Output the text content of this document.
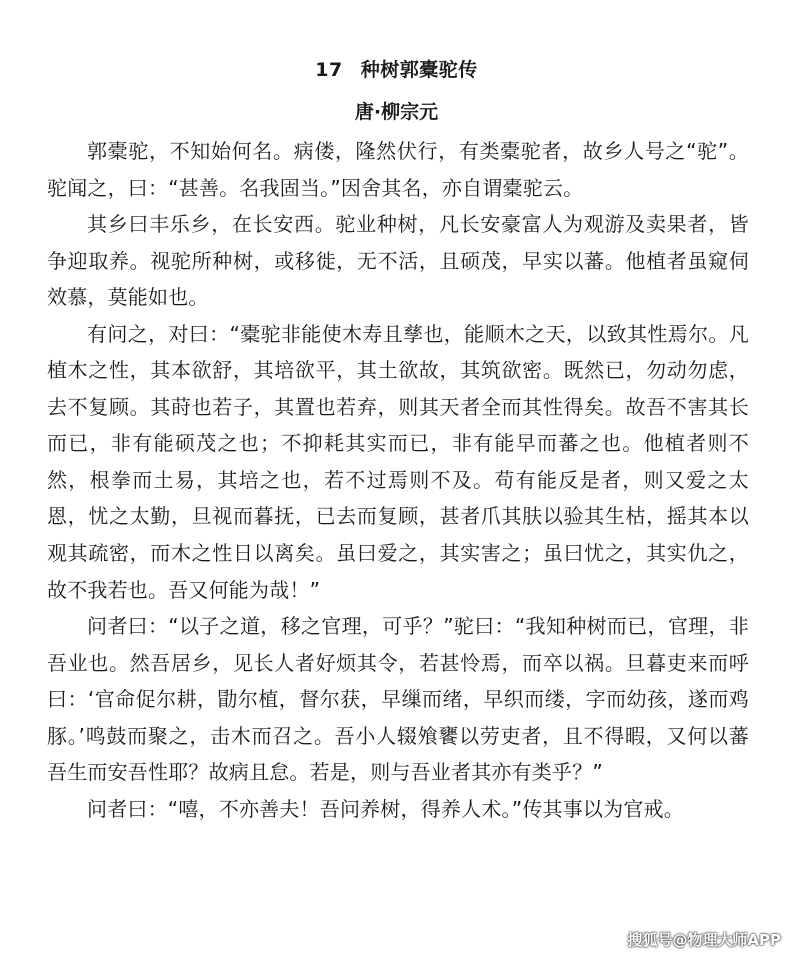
17 种树郭橐驼传
唐·柳宗元

郭橐驼，不知始何名。病偻，隆然伏行，有类橐驼者，故乡人号之“驼”。驼闻之，曰：“甚善。名我固当。”因舍其名，亦自谓橐驼云。

其乡曰丰乐乡，在长安西。驼业种树，凡长安豪富人为观游及卖果者，皆争迎取养。视驼所种树，或移徙，无不活，且硕茂，早实以蕃。他植者虽窥伺效慕，莫能如也。

有问之，对曰：“橐驼非能使木寿且孳也，能顺木之天，以致其性焉尔。凡植木之性，其本欲舒，其培欲平，其土欲故，其筑欲密。既然已，勿动勿虑，去不复顾。其莳也若子，其置也若弃，则其天者全而其性得矣。故吾不害其长而已，非有能硕茂之也；不抑耗其实而已，非有能早而蕃之也。他植者则不然，根拳而土易，其培之也，若不过焉则不及。苟有能反是者，则又爱之太恩，忧之太勤，旦视而暮抚，已去而复顾，甚者爪其肤以验其生枯，摇其本以观其疏密，而木之性日以离矣。虽曰爱之，其实害之；虽曰忧之，其实仇之，故不我若也。吾又何能为哉！”

问者曰：“以子之道，移之官理，可乎？”驼曰：“我知种树而已，官理，非吾业也。然吾居乡，见长人者好烦其令，若甚怜焉，而卒以祸。旦暮吏来而呼曰：‘官命促尔耕，勖尔植，督尔获，早缫而绪，早织而缕，字而幼孩，遂而鸡豚。’鸣鼓而聚之，击木而召之。吾小人辍飧饔以劳吏者，且不得暇，又何以蕃吾生而安吾性耶？故病且怠。若是，则与吾业者其亦有类乎？”

问者曰：“嘻，不亦善夫！吾问养树，得养人术。”传其事以为官戒。

搜狐号@物理大师APP
